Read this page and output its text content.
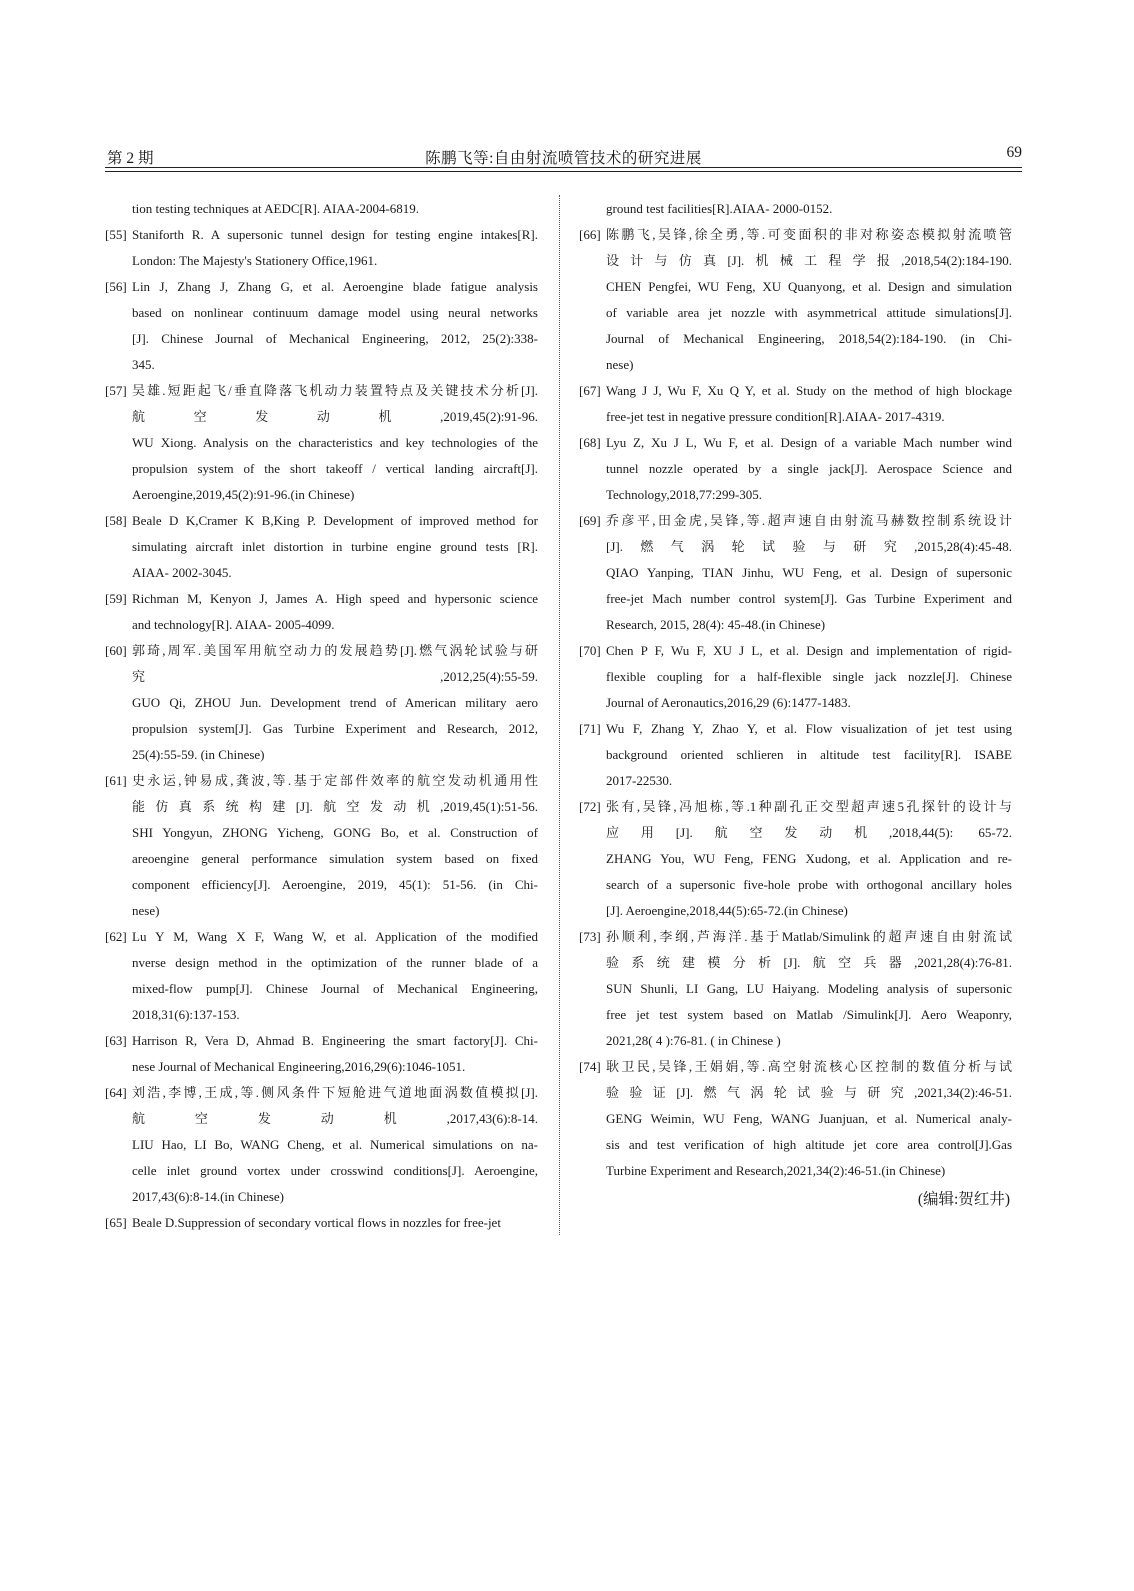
第 2 期	陈鹏飞等:自由射流喷管技术的研究进展	69
tion testing techniques at AEDC[R]. AIAA-2004-6819.
[55] Staniforth R. A supersonic tunnel design for testing engine intakes[R].
London: The Majesty's Stationery Office,1961.
[56] Lin J, Zhang J, Zhang G, et al. Aeroengine blade fatigue analysis
based on nonlinear continuum damage model using neural networks
[J]. Chinese Journal of Mechanical Engineering, 2012, 25(2):338-
345.
[57] 吴雄.短距起飞/垂直降落飞机动力装置特点及关键技术分析[J].
航空发动机,2019,45(2):91-96.
WU Xiong. Analysis on the characteristics and key technologies of the
propulsion system of the short takeoff / vertical landing aircraft[J].
Aeroengine,2019,45(2):91-96.(in Chinese)
[58] Beale D K,Cramer K B,King P. Development of improved method for
simulating aircraft inlet distortion in turbine engine ground tests [R].
AIAA- 2002-3045.
[59] Richman M, Kenyon J, James A. High speed and hypersonic science
and technology[R]. AIAA- 2005-4099.
[60] 郭琦,周军.美国军用航空动力的发展趋势[J].燃气涡轮试验与研
究,2012,25(4):55-59.
GUO Qi, ZHOU Jun. Development trend of American military aero
propulsion system[J]. Gas Turbine Experiment and Research, 2012,
25(4):55-59. (in Chinese)
[61] 史永运,钟易成,龚波,等.基于定部件效率的航空发动机通用性
能仿真系统构建[J].航空发动机,2019,45(1):51-56.
SHI Yongyun, ZHONG Yicheng, GONG Bo, et al. Construction of
areoengine general performance simulation system based on fixed
component efficiency[J]. Aeroengine, 2019, 45(1): 51-56. (in Chi-
nese)
[62] Lu Y M, Wang X F, Wang W, et al. Application of the modified
nverse design method in the optimization of the runner blade of a
mixed-flow pump[J]. Chinese Journal of Mechanical Engineering,
2018,31(6):137-153.
[63] Harrison R, Vera D, Ahmad B. Engineering the smart factory[J]. Chi-
nese Journal of Mechanical Engineering,2016,29(6):1046-1051.
[64] 刘浩,李博,王成,等.侧风条件下短舱进气道地面涡数值模拟[J].
航空发动机,2017,43(6):8-14.
LIU Hao, LI Bo, WANG Cheng, et al. Numerical simulations on na-
celle inlet ground vortex under crosswind conditions[J]. Aeroengine,
2017,43(6):8-14.(in Chinese)
[65] Beale D.Suppression of secondary vortical flows in nozzles for free-jet
ground test facilities[R].AIAA- 2000-0152.
[66] 陈鹏飞,吴锋,徐全勇,等.可变面积的非对称姿态模拟射流喷管
设计与仿真[J].机械工程学报,2018,54(2):184-190.
CHEN Pengfei, WU Feng, XU Quanyong, et al. Design and simulation
of variable area jet nozzle with asymmetrical attitude simulations[J].
Journal of Mechanical Engineering, 2018,54(2):184-190. (in Chi-
nese)
[67] Wang J J, Wu F, Xu Q Y, et al. Study on the method of high blockage
free-jet test in negative pressure condition[R].AIAA- 2017-4319.
[68] Lyu Z, Xu J L, Wu F, et al. Design of a variable Mach number wind
tunnel nozzle operated by a single jack[J]. Aerospace Science and
Technology,2018,77:299-305.
[69] 乔彦平,田金虎,吴锋,等.超声速自由射流马赫数控制系统设计
[J].燃气涡轮试验与研究,2015,28(4):45-48.
QIAO Yanping, TIAN Jinhu, WU Feng, et al. Design of supersonic
free-jet Mach number control system[J]. Gas Turbine Experiment and
Research, 2015, 28(4): 45-48.(in Chinese)
[70] Chen P F, Wu F, XU J L, et al. Design and implementation of rigid-
flexible coupling for a half-flexible single jack nozzle[J]. Chinese
Journal of Aeronautics,2016,29 (6):1477-1483.
[71] Wu F, Zhang Y, Zhao Y, et al. Flow visualization of jet test using
background oriented schlieren in altitude test facility[R]. ISABE
2017-22530.
[72] 张有,吴锋,冯旭栋,等.1种副孔正交型超声速5孔探针的设计与
应用[J].航空发动机,2018,44(5): 65-72.
ZHANG You, WU Feng, FENG Xudong, et al. Application and re-
search of a supersonic five-hole probe with orthogonal ancillary holes
[J]. Aeroengine,2018,44(5):65-72.(in Chinese)
[73] 孙顺利,李纲,芦海洋.基于Matlab/Simulink的超声速自由射流试
验系统建模分析[J].航空兵器,2021,28(4):76-81.
SUN Shunli, LI Gang, LU Haiyang. Modeling analysis of supersonic
free jet test system based on Matlab /Simulink[J]. Aero Weaponry,
2021,28( 4 ):76-81. ( in Chinese )
[74] 耿卫民,吴锋,王娟娟,等.高空射流核心区控制的数值分析与试
验验证[J].燃气涡轮试验与研究,2021,34(2):46-51.
GENG Weimin, WU Feng, WANG Juanjuan, et al. Numerical analy-
sis and test verification of high altitude jet core area control[J].Gas
Turbine Experiment and Research,2021,34(2):46-51.(in Chinese)
(编辑:贺红井)
